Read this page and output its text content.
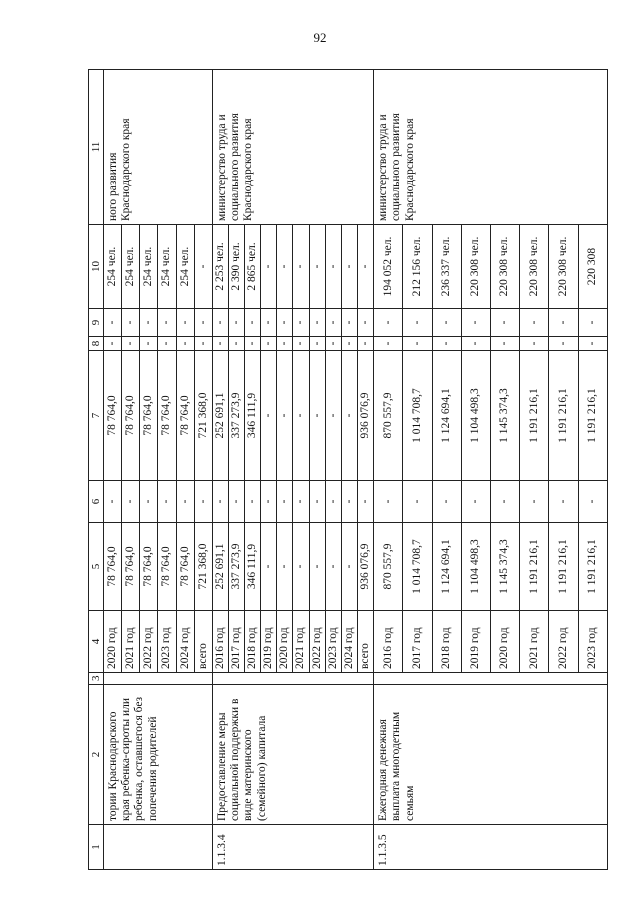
92
1	2	3	4	5	6	7	8	9	10	11
	тории Краснодарского края ребенка-сироты или ребенка, оставшегося без попечения родителей		2020 год	78 764,0	-	78 764,0	-	-	254 чел.	ного развития Краснодарского края
			2021 год	78 764,0	-	78 764,0	-	-	254 чел.	
			2022 год	78 764,0	-	78 764,0	-	-	254 чел.	
			2023 год	78 764,0	-	78 764,0	-	-	254 чел.	
			2024 год	78 764,0	-	78 764,0	-	-	254 чел.	
			всего	721 368,0	-	721 368,0	-	-	-	
1.1.3.4	Предоставление меры социальной поддержки в виде материнского (семейного) капитала		2016 год	252 691,1	-	252 691,1	-	-	2 253 чел.	министерство труда и социального развития Краснодарского края
			2017 год	337 273,9	-	337 273,9	-	-	2 390 чел.	
			2018 год	346 111,9	-	346 111,9	-	-	2 865 чел.	
			2019 год	-	-	-	-	-	-	
			2020 год	-	-	-	-	-	-	
			2021 год	-	-	-	-	-	-	
			2022 год	-	-	-	-	-	-	
			2023 год	-	-	-	-	-	-	
			2024 год	-	-	-	-	-	-	
			всего	936 076,9	-	936 076,9	-	-	-	
1.1.3.5	Ежегодная денежная выплата многодетным семьям		2016 год	870 557,9	-	870 557,9	-	-	194 052 чел.	министерство труда и социального развития Краснодарского края
			2017 год	1 014 708,7	-	1 014 708,7	-	-	212 156 чел.	
			2018 год	1 124 694,1	-	1 124 694,1	-	-	236 337 чел.	
			2019 год	1 104 498,3	-	1 104 498,3	-	-	220 308 чел.	
			2020 год	1 145 374,3	-	1 145 374,3	-	-	220 308 чел.	
			2021 год	1 191 216,1	-	1 191 216,1	-	-	220 308 чел.	
			2022 год	1 191 216,1	-	1 191 216,1	-	-	220 308 чел.	
			2023 год	1 191 216,1	-	1 191 216,1	-	-	220 308	
